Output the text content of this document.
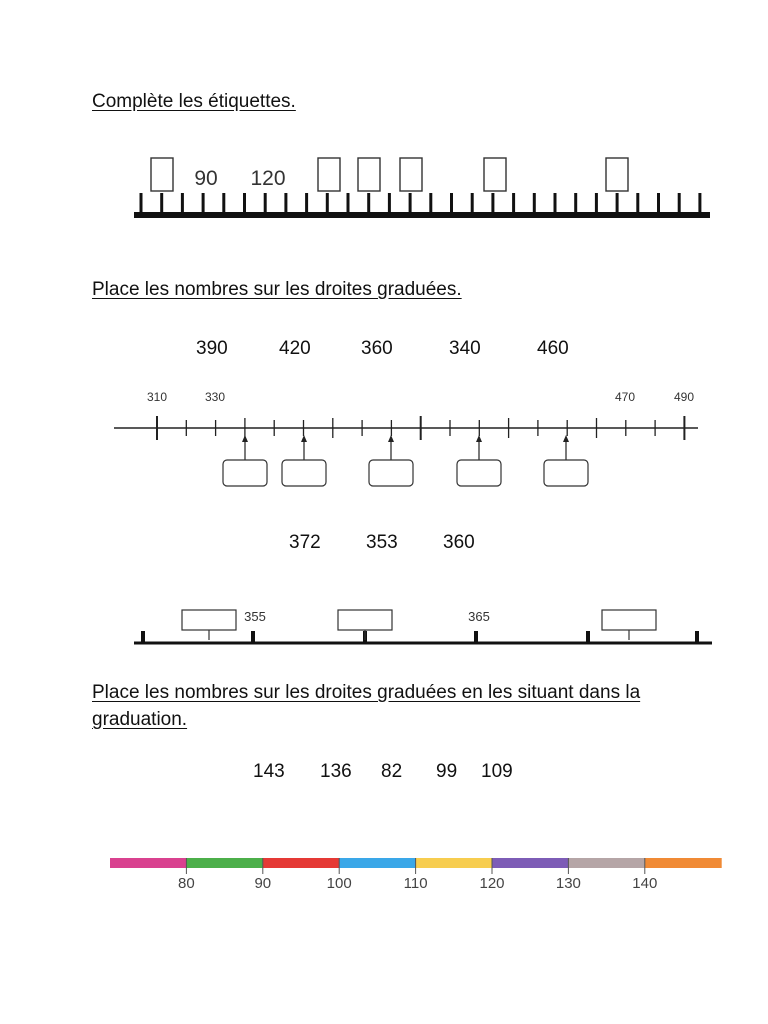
Complète les étiquettes.
90 120
Place les nombres sur les droites graduées.
390	420	360	340	460
310	330	470	490
372 353 360
355	365
Place les nombres sur les droites graduées en les situant dans la graduation.
143 136 82 99 109
80	90	100	110	120	130	140
